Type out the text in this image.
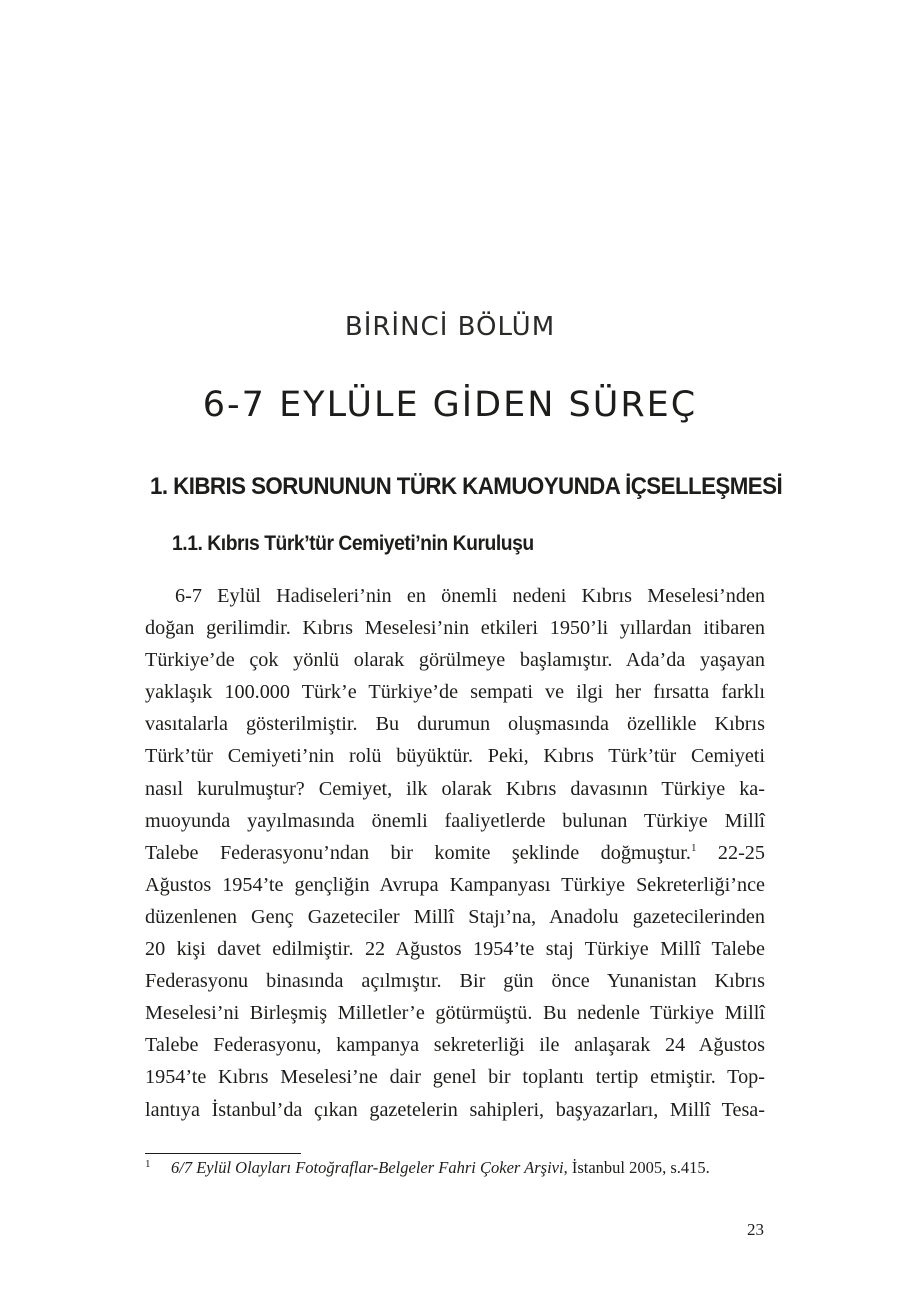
BİRİNCİ BÖLÜM
6-7 EYLÜLE GİDEN SÜREÇ
1. KIBRIS SORUNUNUN TÜRK KAMUOYUNDA İÇSELLEŞMESİ
1.1. Kıbrıs Türk’tür Cemiyeti’nin Kuruluşu
6-7 Eylül Hadiseleri’nin en önemli nedeni Kıbrıs Meselesi’nden
doğan gerilimdir. Kıbrıs Meselesi’nin etkileri 1950’li yıllardan itibaren
Türkiye’de çok yönlü olarak görülmeye başlamıştır. Ada’da yaşayan
yaklaşık 100.000 Türk’e Türkiye’de sempati ve ilgi her fırsatta farklı
vasıtalarla gösterilmiştir. Bu durumun oluşmasında özellikle Kıbrıs
Türk’tür Cemiyeti’nin rolü büyüktür. Peki, Kıbrıs Türk’tür Cemiyeti
nasıl kurulmuştur? Cemiyet, ilk olarak Kıbrıs davasının Türkiye ka-
muoyunda yayılmasında önemli faaliyetlerde bulunan Türkiye Millî
Talebe Federasyonu’ndan bir komite şeklinde doğmuştur.$^1$ 22-25
Ağustos 1954’te gençliğin Avrupa Kampanyası Türkiye Sekreterliği’nce
düzenlenen Genç Gazeteciler Millî Stajı’na, Anadolu gazetecilerinden
20 kişi davet edilmiştir. 22 Ağustos 1954’te staj Türkiye Millî Talebe
Federasyonu binasında açılmıştır. Bir gün önce Yunanistan Kıbrıs
Meselesi’ni Birleşmiş Milletler’e götürmüştü. Bu nedenle Türkiye Millî
Talebe Federasyonu, kampanya sekreterliği ile anlaşarak 24 Ağustos
1954’te Kıbrıs Meselesi’ne dair genel bir toplantı tertip etmiştir. Top-
lantıya İstanbul’da çıkan gazetelerin sahipleri, başyazarları, Millî Tesa-
1 6/7 Eylül Olayları Fotoğraflar-Belgeler Fahri Çoker Arşivi, İstanbul 2005, s.415.
23
